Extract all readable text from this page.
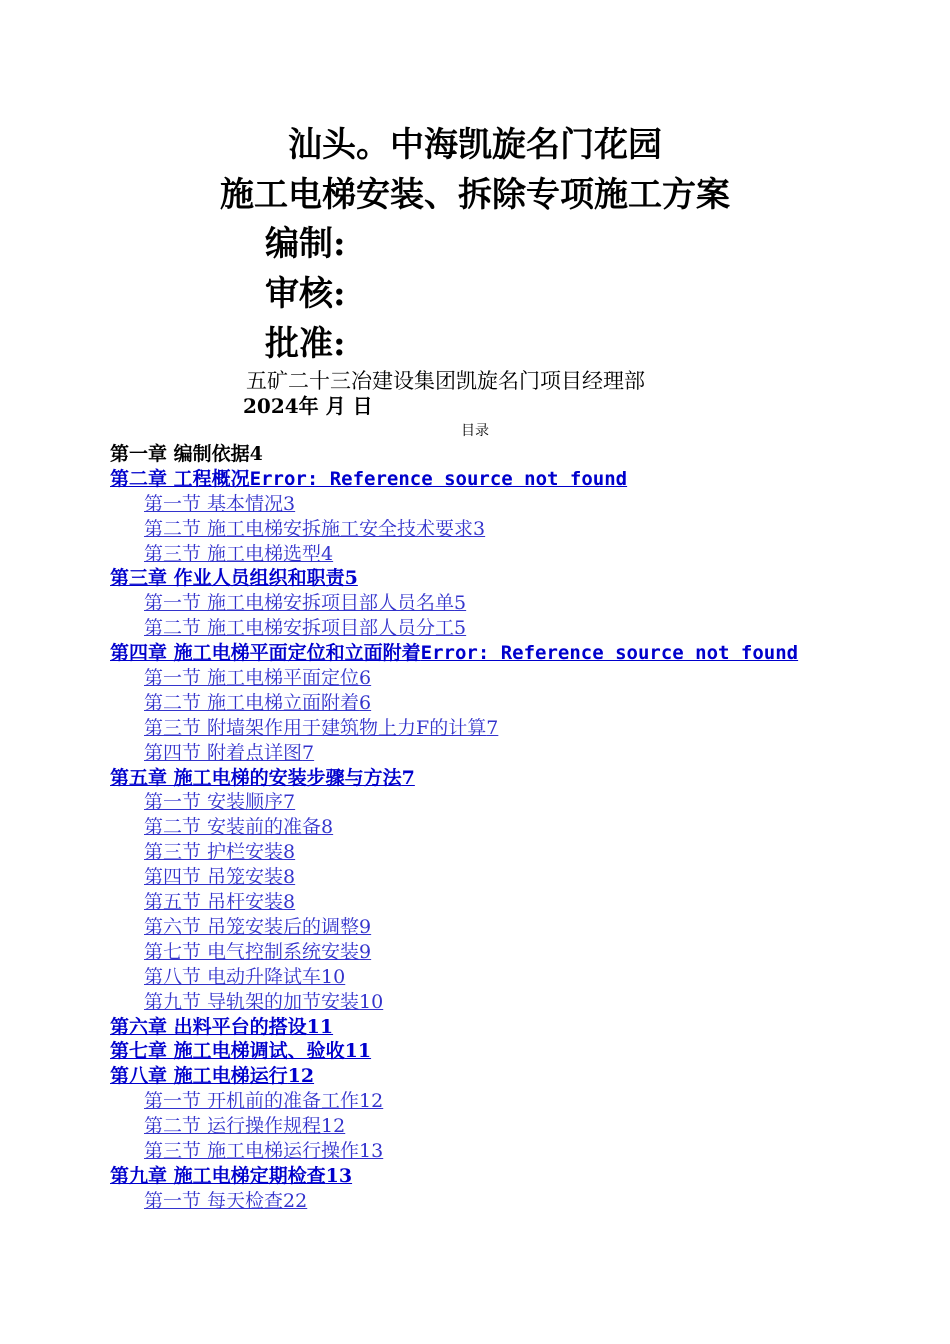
汕头。中海凯旋名门花园
施工电梯安装、拆除专项施工方案
编制:
审核:
批准:
五矿二十三冶建设集团凯旋名门项目经理部
2024年 月 日
目录
第一章 编制依据4
第二章 工程概况Error: Reference source not found
第一节 基本情况3
第二节 施工电梯安拆施工安全技术要求3
第三节 施工电梯选型4
第三章 作业人员组织和职责5
第一节 施工电梯安拆项目部人员名单5
第二节 施工电梯安拆项目部人员分工5
第四章 施工电梯平面定位和立面附着Error: Reference source not found
第一节 施工电梯平面定位6
第二节 施工电梯立面附着6
第三节 附墙架作用于建筑物上力F的计算7
第四节 附着点详图7
第五章 施工电梯的安装步骤与方法7
第一节 安装顺序7
第二节 安装前的准备8
第三节 护栏安装8
第四节 吊笼安装8
第五节 吊杆安装8
第六节 吊笼安装后的调整9
第七节 电气控制系统安装9
第八节 电动升降试车10
第九节 导轨架的加节安装10
第六章 出料平台的搭设11
第七章 施工电梯调试、验收11
第八章 施工电梯运行12
第一节 开机前的准备工作12
第二节 运行操作规程12
第三节 施工电梯运行操作13
第九章 施工电梯定期检查13
第一节 每天检查22
